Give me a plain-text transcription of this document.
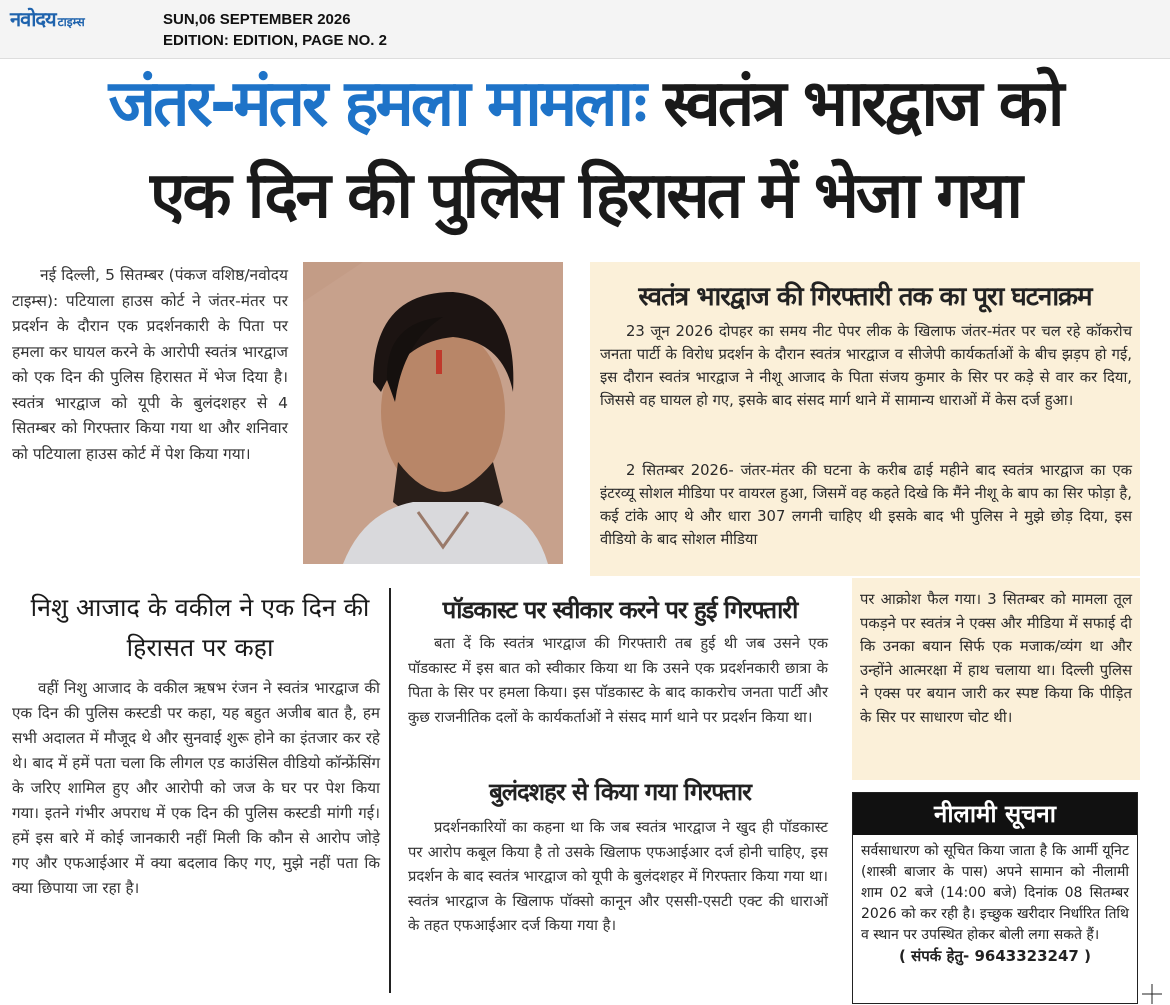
नवोदय टाइम्स	SUN,06 SEPTEMBER 2026
EDITION: EDITION, PAGE NO. 2
जंतर-मंतर हमला मामलाः स्वतंत्र भारद्वाज को
एक दिन की पुलिस हिरासत में भेजा गया
नई दिल्ली, 5 सितम्बर (पंकज वशिष्ठ/नवोदय टाइम्स): पटियाला हाउस कोर्ट ने जंतर-मंतर पर प्रदर्शन के दौरान एक प्रदर्शनकारी के पिता पर हमला कर घायल करने के आरोपी स्वतंत्र भारद्वाज को एक दिन की पुलिस हिरासत में भेज दिया है। स्वतंत्र भारद्वाज को यूपी के बुलंदशहर से 4 सितम्बर को गिरफ्तार किया गया था और शनिवार को पटियाला हाउस कोर्ट में पेश किया गया।
स्वतंत्र भारद्वाज की गिरफ्तारी तक का पूरा घटनाक्रम
23 जून 2026 दोपहर का समय नीट पेपर लीक के खिलाफ जंतर-मंतर पर चल रहे कॉकरोच जनता पार्टी के विरोध प्रदर्शन के दौरान स्वतंत्र भारद्वाज व सीजेपी कार्यकर्ताओं के बीच झड़प हो गई, इस दौरान स्वतंत्र भारद्वाज ने नीशू आजाद के पिता संजय कुमार के सिर पर कड़े से वार कर दिया, जिससे वह घायल हो गए, इसके बाद संसद मार्ग थाने में सामान्य धाराओं में केस दर्ज हुआ।
2 सितम्बर 2026- जंतर-मंतर की घटना के करीब ढाई महीने बाद स्वतंत्र भारद्वाज का एक इंटरव्यू सोशल मीडिया पर वायरल हुआ, जिसमें वह कहते दिखे कि मैंने नीशू के बाप का सिर फोड़ा है, कई टांके आए थे और धारा 307 लगनी चाहिए थी इसके बाद भी पुलिस ने मुझे छोड़ दिया, इस वीडियो के बाद सोशल मीडिया
पर आक्रोश फैल गया। 3 सितम्बर को मामला तूल पकड़ने पर स्वतंत्र ने एक्स और मीडिया में सफाई दी कि उनका बयान सिर्फ एक मजाक/व्यंग था और उन्होंने आत्मरक्षा में हाथ चलाया था। दिल्ली पुलिस ने एक्स पर बयान जारी कर स्पष्ट किया कि पीड़ित के सिर पर साधारण चोट थी।
निशु आजाद के वकील ने एक दिन की हिरासत पर कहा
वहीं निशु आजाद के वकील ऋषभ रंजन ने स्वतंत्र भारद्वाज की एक दिन की पुलिस कस्टडी पर कहा, यह बहुत अजीब बात है, हम सभी अदालत में मौजूद थे और सुनवाई शुरू होने का इंतजार कर रहे थे। बाद में हमें पता चला कि लीगल एड काउंसिल वीडियो कॉन्फ्रेंसिंग के जरिए शामिल हुए और आरोपी को जज के घर पर पेश किया गया। इतने गंभीर अपराध में एक दिन की पुलिस कस्टडी मांगी गई। हमें इस बारे में कोई जानकारी नहीं मिली कि कौन से आरोप जोड़े गए और एफआईआर में क्या बदलाव किए गए, मुझे नहीं पता कि क्या छिपाया जा रहा है।
पॉडकास्ट पर स्वीकार करने पर हुई गिरफ्तारी
बता दें कि स्वतंत्र भारद्वाज की गिरफ्तारी तब हुई थी जब उसने एक पॉडकास्ट में इस बात को स्वीकार किया था कि उसने एक प्रदर्शनकारी छात्रा के पिता के सिर पर हमला किया। इस पॉडकास्ट के बाद काकरोच जनता पार्टी और कुछ राजनीतिक दलों के कार्यकर्ताओं ने संसद मार्ग थाने पर प्रदर्शन किया था।
बुलंदशहर से किया गया गिरफ्तार
प्रदर्शनकारियों का कहना था कि जब स्वतंत्र भारद्वाज ने खुद ही पॉडकास्ट पर आरोप कबूल किया है तो उसके खिलाफ एफआईआर दर्ज होनी चाहिए, इस प्रदर्शन के बाद स्वतंत्र भारद्वाज को यूपी के बुलंदशहर में गिरफ्तार किया गया था। स्वतंत्र भारद्वाज के खिलाफ पॉक्सो कानून और एससी-एसटी एक्ट की धाराओं के तहत एफआईआर दर्ज किया गया है।
नीलामी सूचना
सर्वसाधारण को सूचित किया जाता है कि आर्मी यूनिट (शास्त्री बाजार के पास) अपने सामान को नीलामी शाम 02 बजे (14:00 बजे) दिनांक 08 सितम्बर 2026 को कर रही है। इच्छुक खरीदार निर्धारित तिथि व स्थान पर उपस्थित होकर बोली लगा सकते हैं।
( संपर्क हेतु- 9643323247 )
